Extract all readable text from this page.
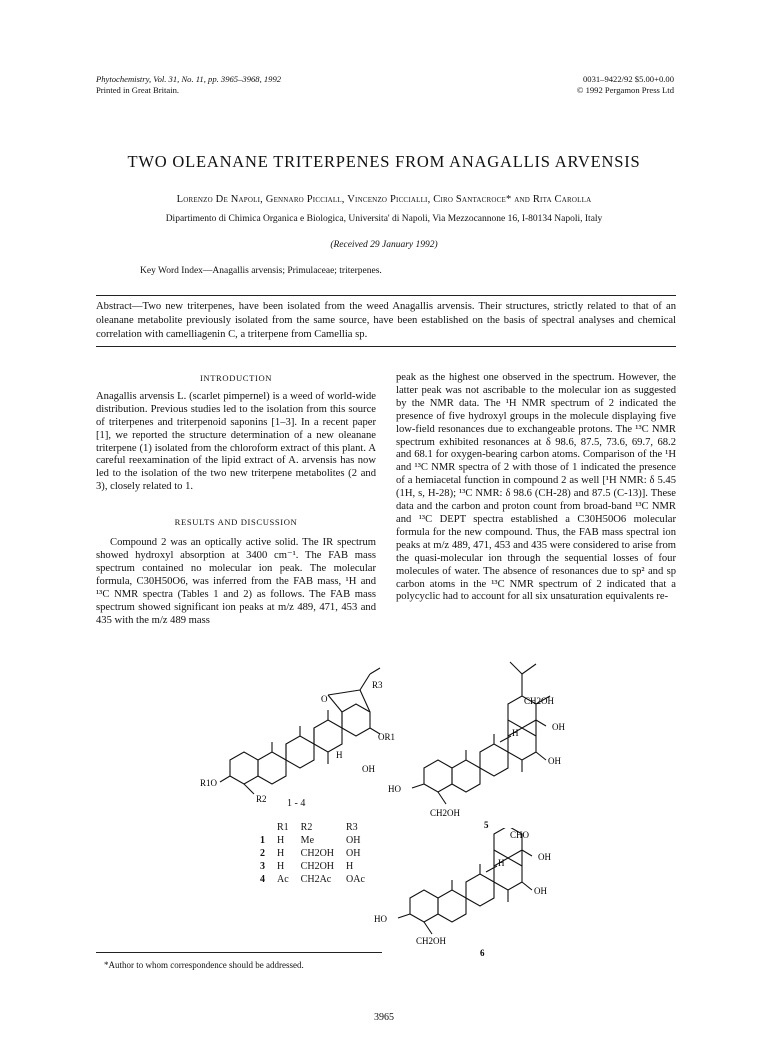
Phytochemistry, Vol. 31, No. 11, pp. 3965–3968, 1992
Printed in Great Britain.
0031–9422/92 $5.00+0.00
© 1992 Pergamon Press Ltd
TWO OLEANANE TRITERPENES FROM ANAGALLIS ARVENSIS
Lorenzo De Napoli, Gennaro Picciall, Vincenzo Piccialli, Ciro Santacroce* and Rita Carolla
Dipartimento di Chimica Organica e Biologica, Universita' di Napoli, Via Mezzocannone 16, I-80134 Napoli, Italy
(Received 29 January 1992)
Key Word Index—Anagallis arvensis; Primulaceae; triterpenes.
Abstract—Two new triterpenes, have been isolated from the weed Anagallis arvensis. Their structures, strictly related to that of an oleanane metabolite previously isolated from the same source, have been established on the basis of spectral analyses and chemical correlation with camelliagenin C, a triterpene from Camellia sp.

INTRODUCTION

Anagallis arvensis L. (scarlet pimpernel) is a weed of world-wide distribution. Previous studies led to the isolation from this source of triterpenes and triterpenoid saponins [1–3]. In a recent paper [1], we reported the structure determination of a new oleanane triterpene (1) isolated from the chloroform extract of this plant. A careful reexamination of the lipid extract of A. arvensis has now led to the isolation of the two new triterpene metabolites (2 and 3), closely related to 1.

RESULTS AND DISCUSSION

Compound 2 was an optically active solid. The IR spectrum showed hydroxyl absorption at 3400 cm⁻¹. The FAB mass spectrum contained no molecular ion peak. The molecular formula, C30H50O6, was inferred from the FAB mass, ¹H and ¹³C NMR spectra (Tables 1 and 2) as follows. The FAB mass spectrum showed significant ion peaks at m/z 489, 471, 453 and 435 with the m/z 489 mass

peak as the highest one observed in the spectrum. However, the latter peak was not ascribable to the molecular ion as suggested by the NMR data. The ¹H NMR spectrum of 2 indicated the presence of five hydroxyl groups in the molecule displaying five low-field resonances due to exchangeable protons. The ¹³C NMR spectrum exhibited resonances at δ 98.6, 87.5, 73.6, 69.7, 68.2 and 68.1 for oxygen-bearing carbon atoms. Comparison of the ¹H and ¹³C NMR spectra of 2 with those of 1 indicated the presence of a hemiacetal function in compound 2 as well [¹H NMR: δ 5.45 (1H, s, H-28); ¹³C NMR: δ 98.6 (CH-28) and 87.5 (C-13)]. These data and the carbon and proton count from broad-band ¹³C NMR and ¹³C DEPT spectra established a C30H50O6 molecular formula for the new compound. Thus, the FAB mass spectral ion peaks at m/z 489, 471, 453 and 435 were considered to arise from the quasi-molecular ion through the sequential losses of four molecules of water. The absence of resonances due to sp² and sp carbon atoms in the ¹³C NMR spectrum of 2 indicated that a polycyclic had to account for all six unsaturation equivalents re-

O
R3
OR1
H
OH
R1O
R2 1 - 4
	R1	R2	R3
1	H	Me	OH
2	H	CH2OH	OH
3	H	CH2OH	H
4	Ac	CH2Ac	OAc
CH2OH
OH
H
OH
HO
CH2OH
5
CHO
OH
H
OH
HO
CH2OH
6
*Author to whom correspondence should be addressed.
3965
